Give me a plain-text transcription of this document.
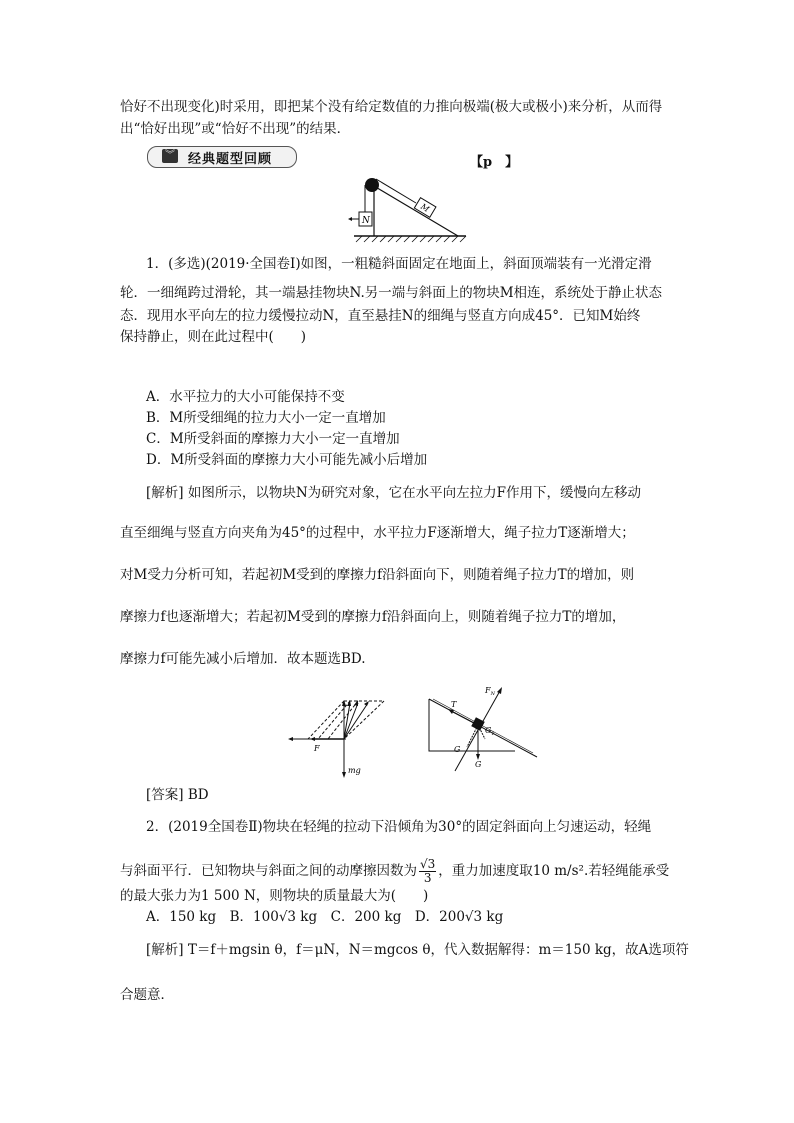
恰好不出现变化)时采用，即把某个没有给定数值的力推向极端(极大或极小)来分析，从而得
出“恰好出现”或“恰好不出现”的结果．
︾ 经典题型回顾	【p　】
N
M
1．(多选)(2019·全国卷Ⅰ)如图，一粗糙斜面固定在地面上，斜面顶端装有一光滑定滑
轮．一细绳跨过滑轮，其一端悬挂物块N.另一端与斜面上的物块M相连，系统处于静止状态
态．现用水平向左的拉力缓慢拉动N，直至悬挂N的细绳与竖直方向成45°．已知M始终
保持静止，则在此过程中(　　)
A．水平拉力的大小可能保持不变
B．M所受细绳的拉力大小一定一直增加
C．M所受斜面的摩擦力大小一定一直增加
D．M所受斜面的摩擦力大小可能先减小后增加
[解析] 如图所示，以物块N为研究对象，它在水平向左拉力F作用下，缓慢向左移动
直至细绳与竖直方向夹角为45°的过程中，水平拉力F逐渐增大，绳子拉力T逐渐增大；
对M受力分析可知，若起初M受到的摩擦力f沿斜面向下，则随着绳子拉力T的增加，则
摩擦力f也逐渐增大；若起初M受到的摩擦力f沿斜面向上，则随着绳子拉力T的增加，
摩擦力f可能先减小后增加．故本题选BD.
mg
F
$F_N$
T
G
$G_1$
G
[答案] BD
2．(2019全国卷Ⅱ)物块在轻绳的拉动下沿倾角为30°的固定斜面向上匀速运动，轻绳
与斜面平行．已知物块与斜面之间的动摩擦因数为 $\frac{√3}{3}$ ，重力加速度取10 m/s².若轻绳能承受
的最大张力为1 500 N，则物块的质量最大为(　　)
A．150 kg　B．100√3 kg　C．200 kg　D．200√3 kg
[解析] T＝f＋mgsin θ，f＝μN，N＝mgcos θ，代入数据解得：m＝150 kg，故A选项符
合题意．
